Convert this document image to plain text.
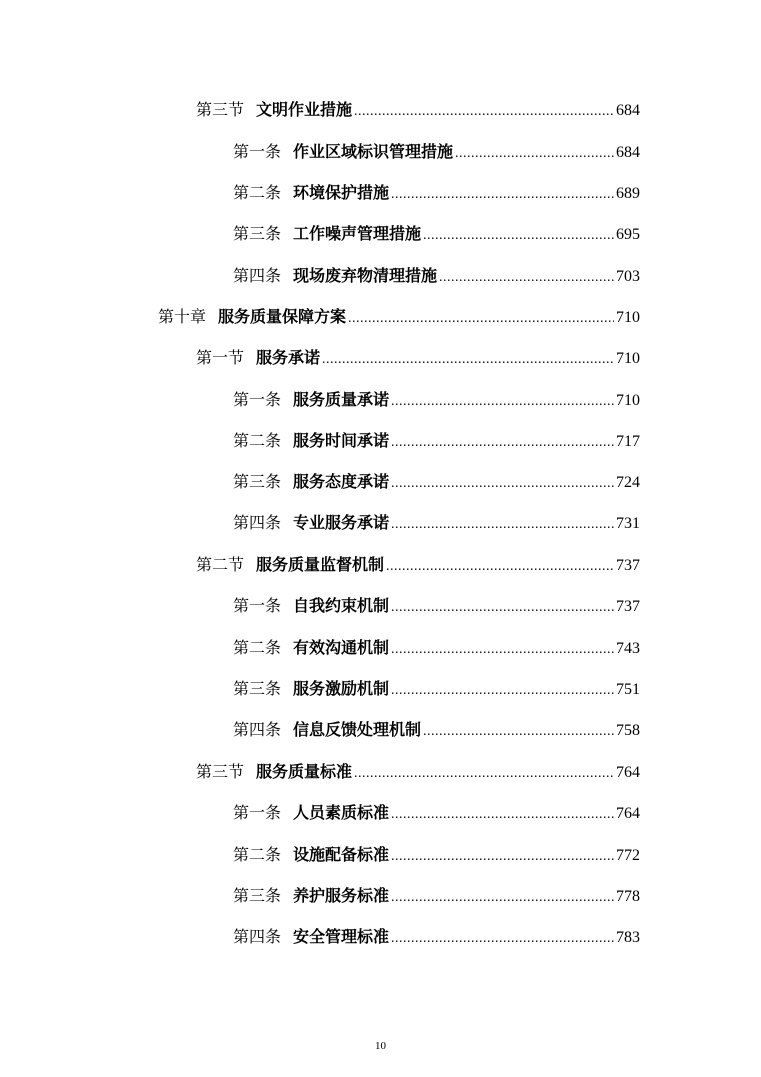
第三节 文明作业措施 .....	684
第一条 作业区域标识管理措施 .....	684
第二条 环境保护措施 .....	689
第三条 工作噪声管理措施 .....	695
第四条 现场废弃物清理措施 .....	703
第十章 服务质量保障方案 .....	710
第一节 服务承诺 .....	710
第一条 服务质量承诺 .....	710
第二条 服务时间承诺 .....	717
第三条 服务态度承诺 .....	724
第四条 专业服务承诺 .....	731
第二节 服务质量监督机制 .....	737
第一条 自我约束机制 .....	737
第二条 有效沟通机制 .....	743
第三条 服务激励机制 .....	751
第四条 信息反馈处理机制 .....	758
第三节 服务质量标准 .....	764
第一条 人员素质标准 .....	764
第二条 设施配备标准 .....	772
第三条 养护服务标准 .....	778
第四条 安全管理标准 .....	783
10
